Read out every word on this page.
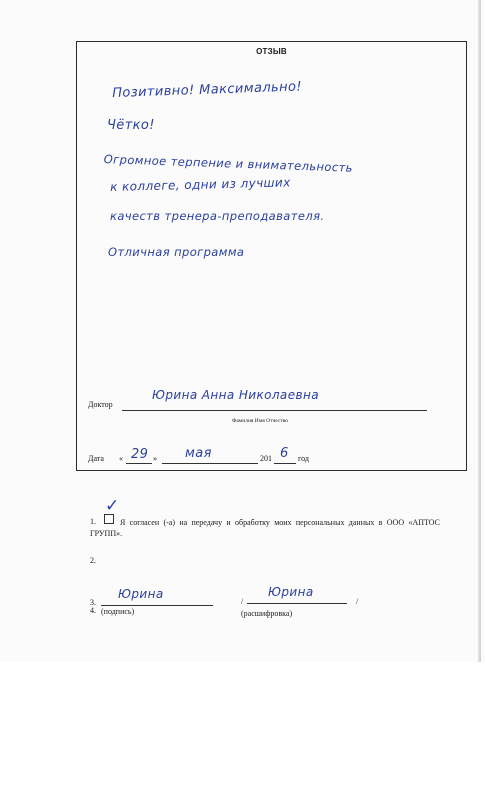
ОТЗЫВ
Позитивно! Максимально!
Чётко!
Огромное терпение и внимательность
к коллеге, одни из лучших
качеств тренера-преподавателя.
Отличная программа
Доктор
Юрина Анна Николаевна
Фамилия Имя Отчество
Дата « 29 » мая	201 6 год
1.
✓
Я согласен (-а) на передачу и обработку моих персональных данных в ООО «АПТОС ГРУПП».
2.
3.
Юрина
/
Юрина
/
4. (подпись)	(расшифровка)
